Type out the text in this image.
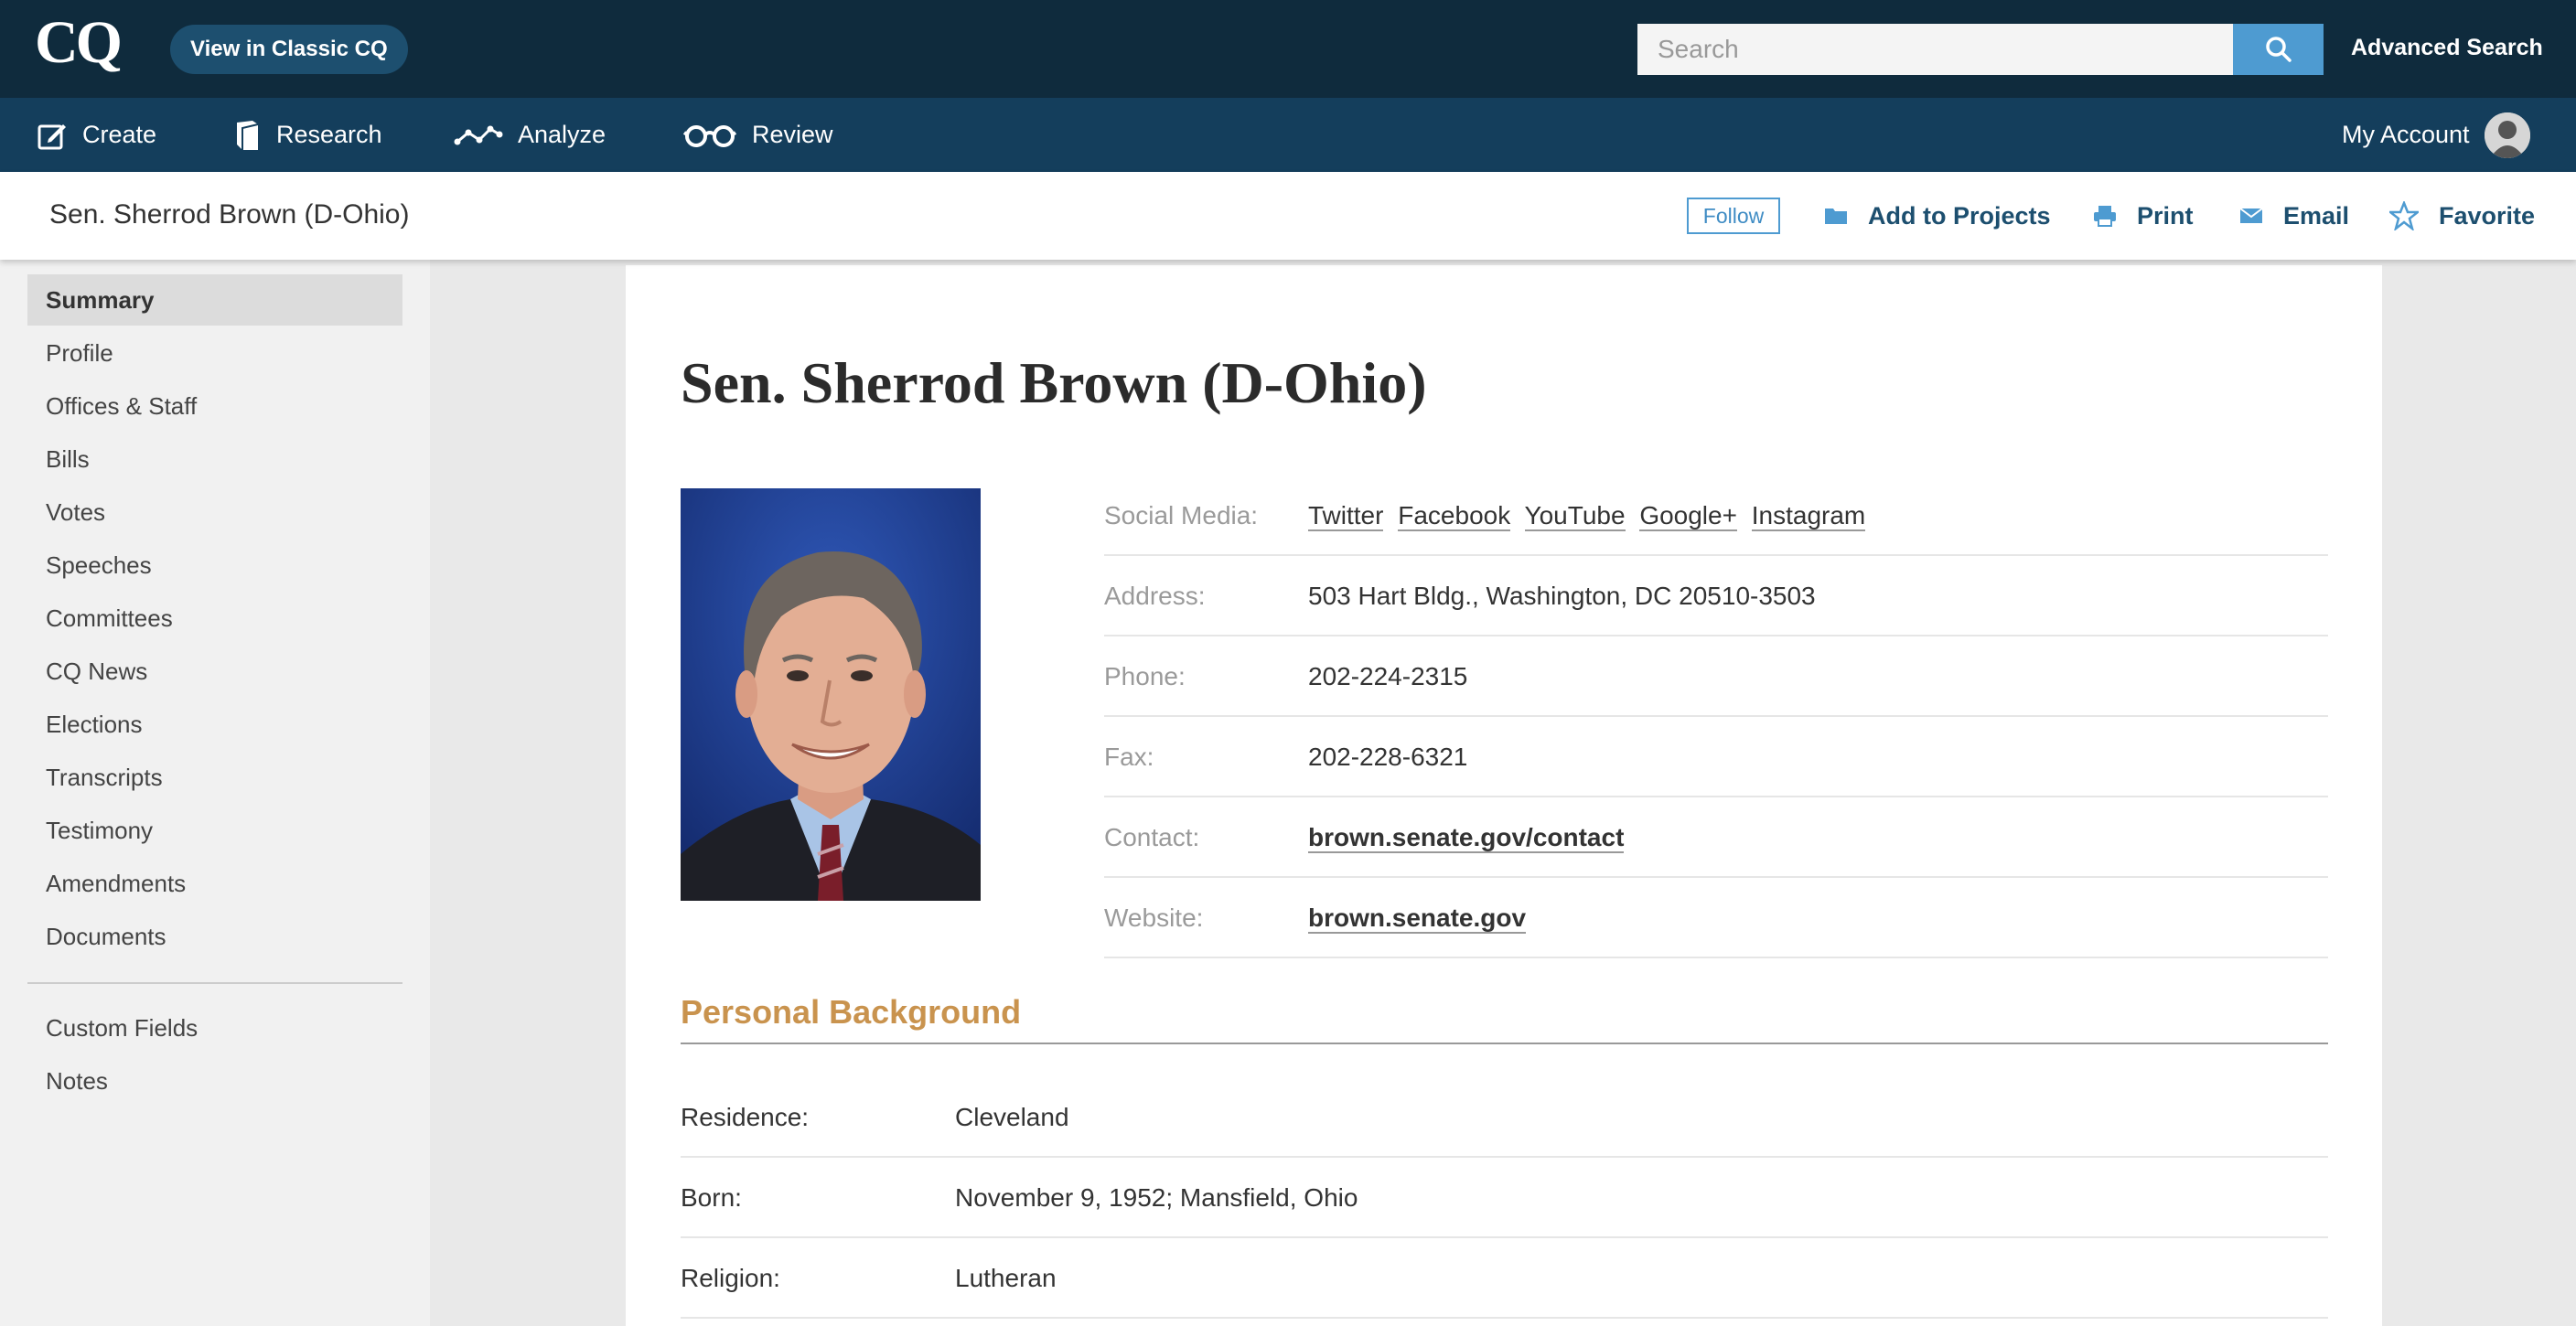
CQ	View in Classic CQ	Search	Advanced Search
Create	Research	Analyze	Review	My Account
Sen. Sherrod Brown (D-Ohio)	Follow	Add to Projects	Print	Email	Favorite
Summary
Profile
Offices & Staff
Bills
Votes
Speeches
Committees
CQ News
Elections
Transcripts
Testimony
Amendments
Documents
Custom Fields
Notes
Sen. Sherrod Brown (D-Ohio)
Social Media: Twitter Facebook YouTube Google+ Instagram
Address:	503 Hart Bldg., Washington, DC 20510-3503
Phone:	202-224-2315
Fax:	202-228-6321
Contact:	brown.senate.gov/contact
Website:	brown.senate.gov
Personal Background
Residence:	Cleveland
Born:	November 9, 1952; Mansfield, Ohio
Religion:	Lutheran
